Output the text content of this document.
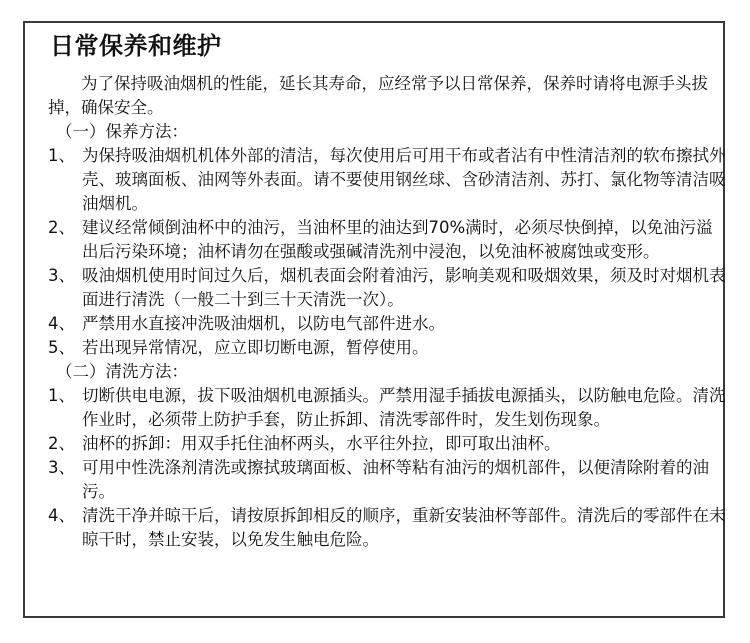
日常保养和维护

为了保持吸油烟机的性能，延长其寿命，应经常予以日常保养，保养时请将电源手头拔掉，确保安全。

（一）保养方法：

1、 为保持吸油烟机机体外部的清洁，每次使用后可用干布或者沾有中性清洁剂的软布擦拭外壳、玻璃面板、油网等外表面。请不要使用钢丝球、含砂清洁剂、苏打、氯化物等清洁吸油烟机。

2、 建议经常倾倒油杯中的油污，当油杯里的油达到70%满时，必须尽快倒掉，以免油污溢出后污染环境；油杯请勿在强酸或强碱清洗剂中浸泡，以免油杯被腐蚀或变形。

3、 吸油烟机使用时间过久后，烟机表面会附着油污，影响美观和吸烟效果，须及时对烟机表面进行清洗（一般二十到三十天清洗一次）。

4、 严禁用水直接冲洗吸油烟机，以防电气部件进水。

5、 若出现异常情况，应立即切断电源，暂停使用。

（二）清洗方法：

1、 切断供电电源，拔下吸油烟机电源插头。严禁用湿手插拔电源插头，以防触电危险。清洗作业时，必须带上防护手套，防止拆卸、清洗零部件时，发生划伤现象。

2、 油杯的拆卸：用双手托住油杯两头，水平往外拉，即可取出油杯。

3、 可用中性洗涤剂清洗或擦拭玻璃面板、油杯等粘有油污的烟机部件，以便清除附着的油污。

4、 清洗干净并晾干后，请按原拆卸相反的顺序，重新安装油杯等部件。清洗后的零部件在未晾干时，禁止安装，以免发生触电危险。
